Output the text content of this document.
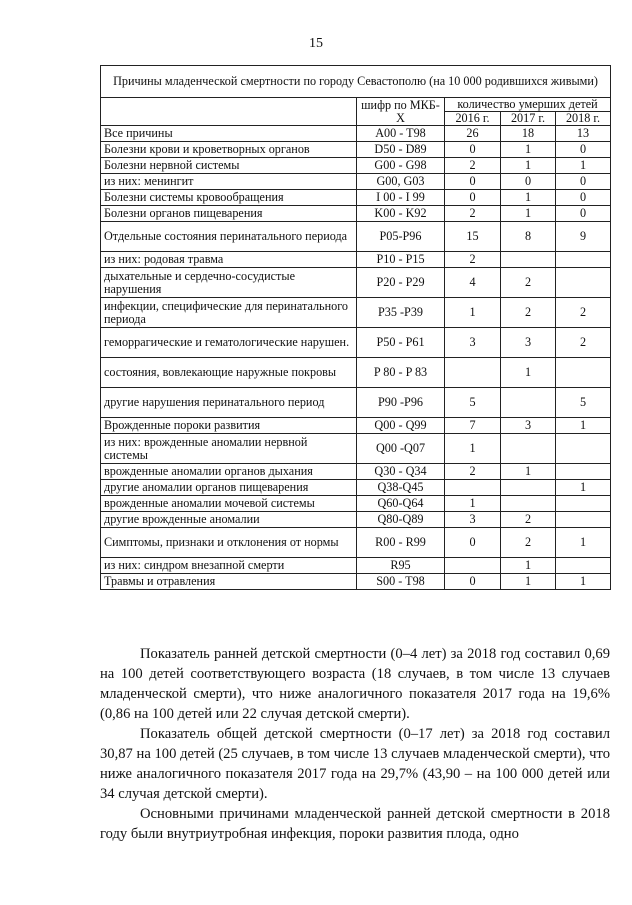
15
Причины младенческой смертности по городу Севастополю (на 10 000 родившихся живыми)				
	шифр по МКБ-Х	количество умерших детей		
		2016 г.	2017 г.	2018 г.
Все причины	A00 - T98	26	18	13
Болезни крови и кроветворных органов	D50 - D89	0	1	0
Болезни нервной системы	G00 - G98	2	1	1
из них: менингит	G00, G03	0	0	0
Болезни системы кровообращения	I 00 - I 99	0	1	0
Болезни органов пищеварения	K00 - K92	2	1	0
Отдельные состояния перинатального периода	P05-P96	15	8	9
из них: родовая травма	P10 - P15	2		
дыхательные и сердечно-сосудистые нарушения	P20 - P29	4	2	
инфекции, специфические для перинатального периода	P35 -P39	1	2	2
геморрагические и гематологические нарушен.	P50 - P61	3	3	2
состояния, вовлекающие наружные покровы	P 80 - P 83		1	
другие нарушения перинатального период	P90 -P96	5		5
Врожденные пороки развития	Q00 - Q99	7	3	1
из них: врожденные аномалии нервной системы	Q00 -Q07	1		
врожденные аномалии органов дыхания	Q30 - Q34	2	1	
другие аномалии органов пищеварения	Q38-Q45			1
врожденные аномалии мочевой системы	Q60-Q64	1		
другие врожденные аномалии	Q80-Q89	3	2	
Симптомы, признаки и отклонения от нормы	R00 - R99	0	2	1
из них: синдром внезапной смерти	R95		1	
Травмы и отравления	S00 - T98	0	1	1

Показатель ранней детской смертности (0–4 лет) за 2018 год составил 0,69 на 100 детей соответствующего возраста (18 случаев, в том числе 13 случаев младенческой смерти), что ниже аналогичного показателя 2017 года на 19,6% (0,86 на 100 детей или 22 случая детской смерти).

Показатель общей детской смертности (0–17 лет) за 2018 год составил 30,87 на 100 детей (25 случаев, в том числе 13 случаев младенческой смерти), что ниже аналогичного показателя 2017 года на 29,7% (43,90 – на 100 000 детей или 34 случая детской смерти).

Основными причинами младенческой ранней детской смертности в 2018 году были внутриутробная инфекция, пороки развития плода, одно
